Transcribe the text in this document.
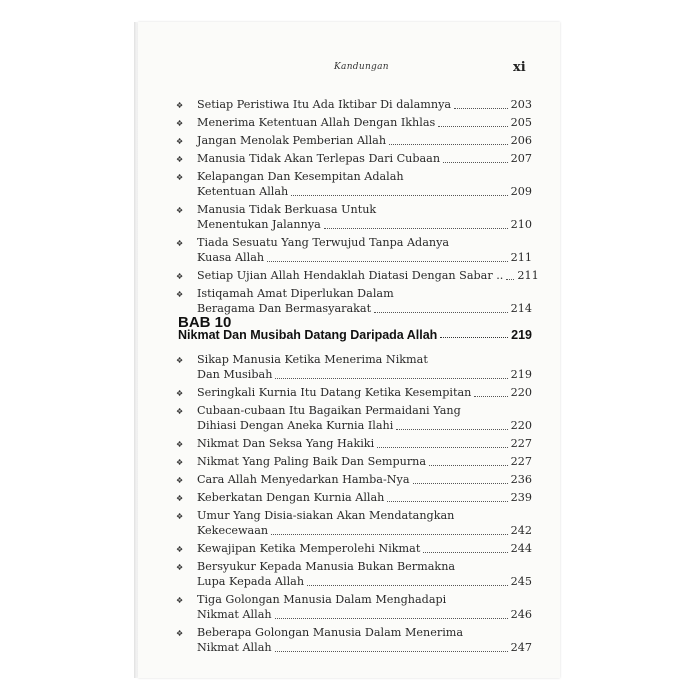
Kandungan	xi
❖ Setiap Peristiwa Itu Ada Iktibar Di dalamnya	203
❖ Menerima Ketentuan Allah Dengan Ikhlas	205
❖ Jangan Menolak Pemberian Allah	206
❖ Manusia Tidak Akan Terlepas Dari Cubaan	207
❖ Kelapangan Dan Kesempitan Adalah
Ketentuan Allah	209
❖ Manusia Tidak Berkuasa Untuk
Menentukan Jalannya	210
❖ Tiada Sesuatu Yang Terwujud Tanpa Adanya
Kuasa Allah	211
❖ Setiap Ujian Allah Hendaklah Diatasi Dengan Sabar .. 211
❖ Istiqamah Amat Diperlukan Dalam
Beragama Dan Bermasyarakat	214
BAB 10
Nikmat Dan Musibah Datang Daripada Allah	219
❖ Sikap Manusia Ketika Menerima Nikmat
Dan Musibah	219
❖ Seringkali Kurnia Itu Datang Ketika Kesempitan	220
❖ Cubaan-cubaan Itu Bagaikan Permaidani Yang
Dihiasi Dengan Aneka Kurnia Ilahi	220
❖ Nikmat Dan Seksa Yang Hakiki	227
❖ Nikmat Yang Paling Baik Dan Sempurna	227
❖ Cara Allah Menyedarkan Hamba-Nya	236
❖ Keberkatan Dengan Kurnia Allah	239
❖ Umur Yang Disia-siakan Akan Mendatangkan
Kekecewaan	242
❖ Kewajipan Ketika Memperolehi Nikmat	244
❖ Bersyukur Kepada Manusia Bukan Bermakna
Lupa Kepada Allah	245
❖ Tiga Golongan Manusia Dalam Menghadapi
Nikmat Allah	246
❖ Beberapa Golongan Manusia Dalam Menerima
Nikmat Allah	247
